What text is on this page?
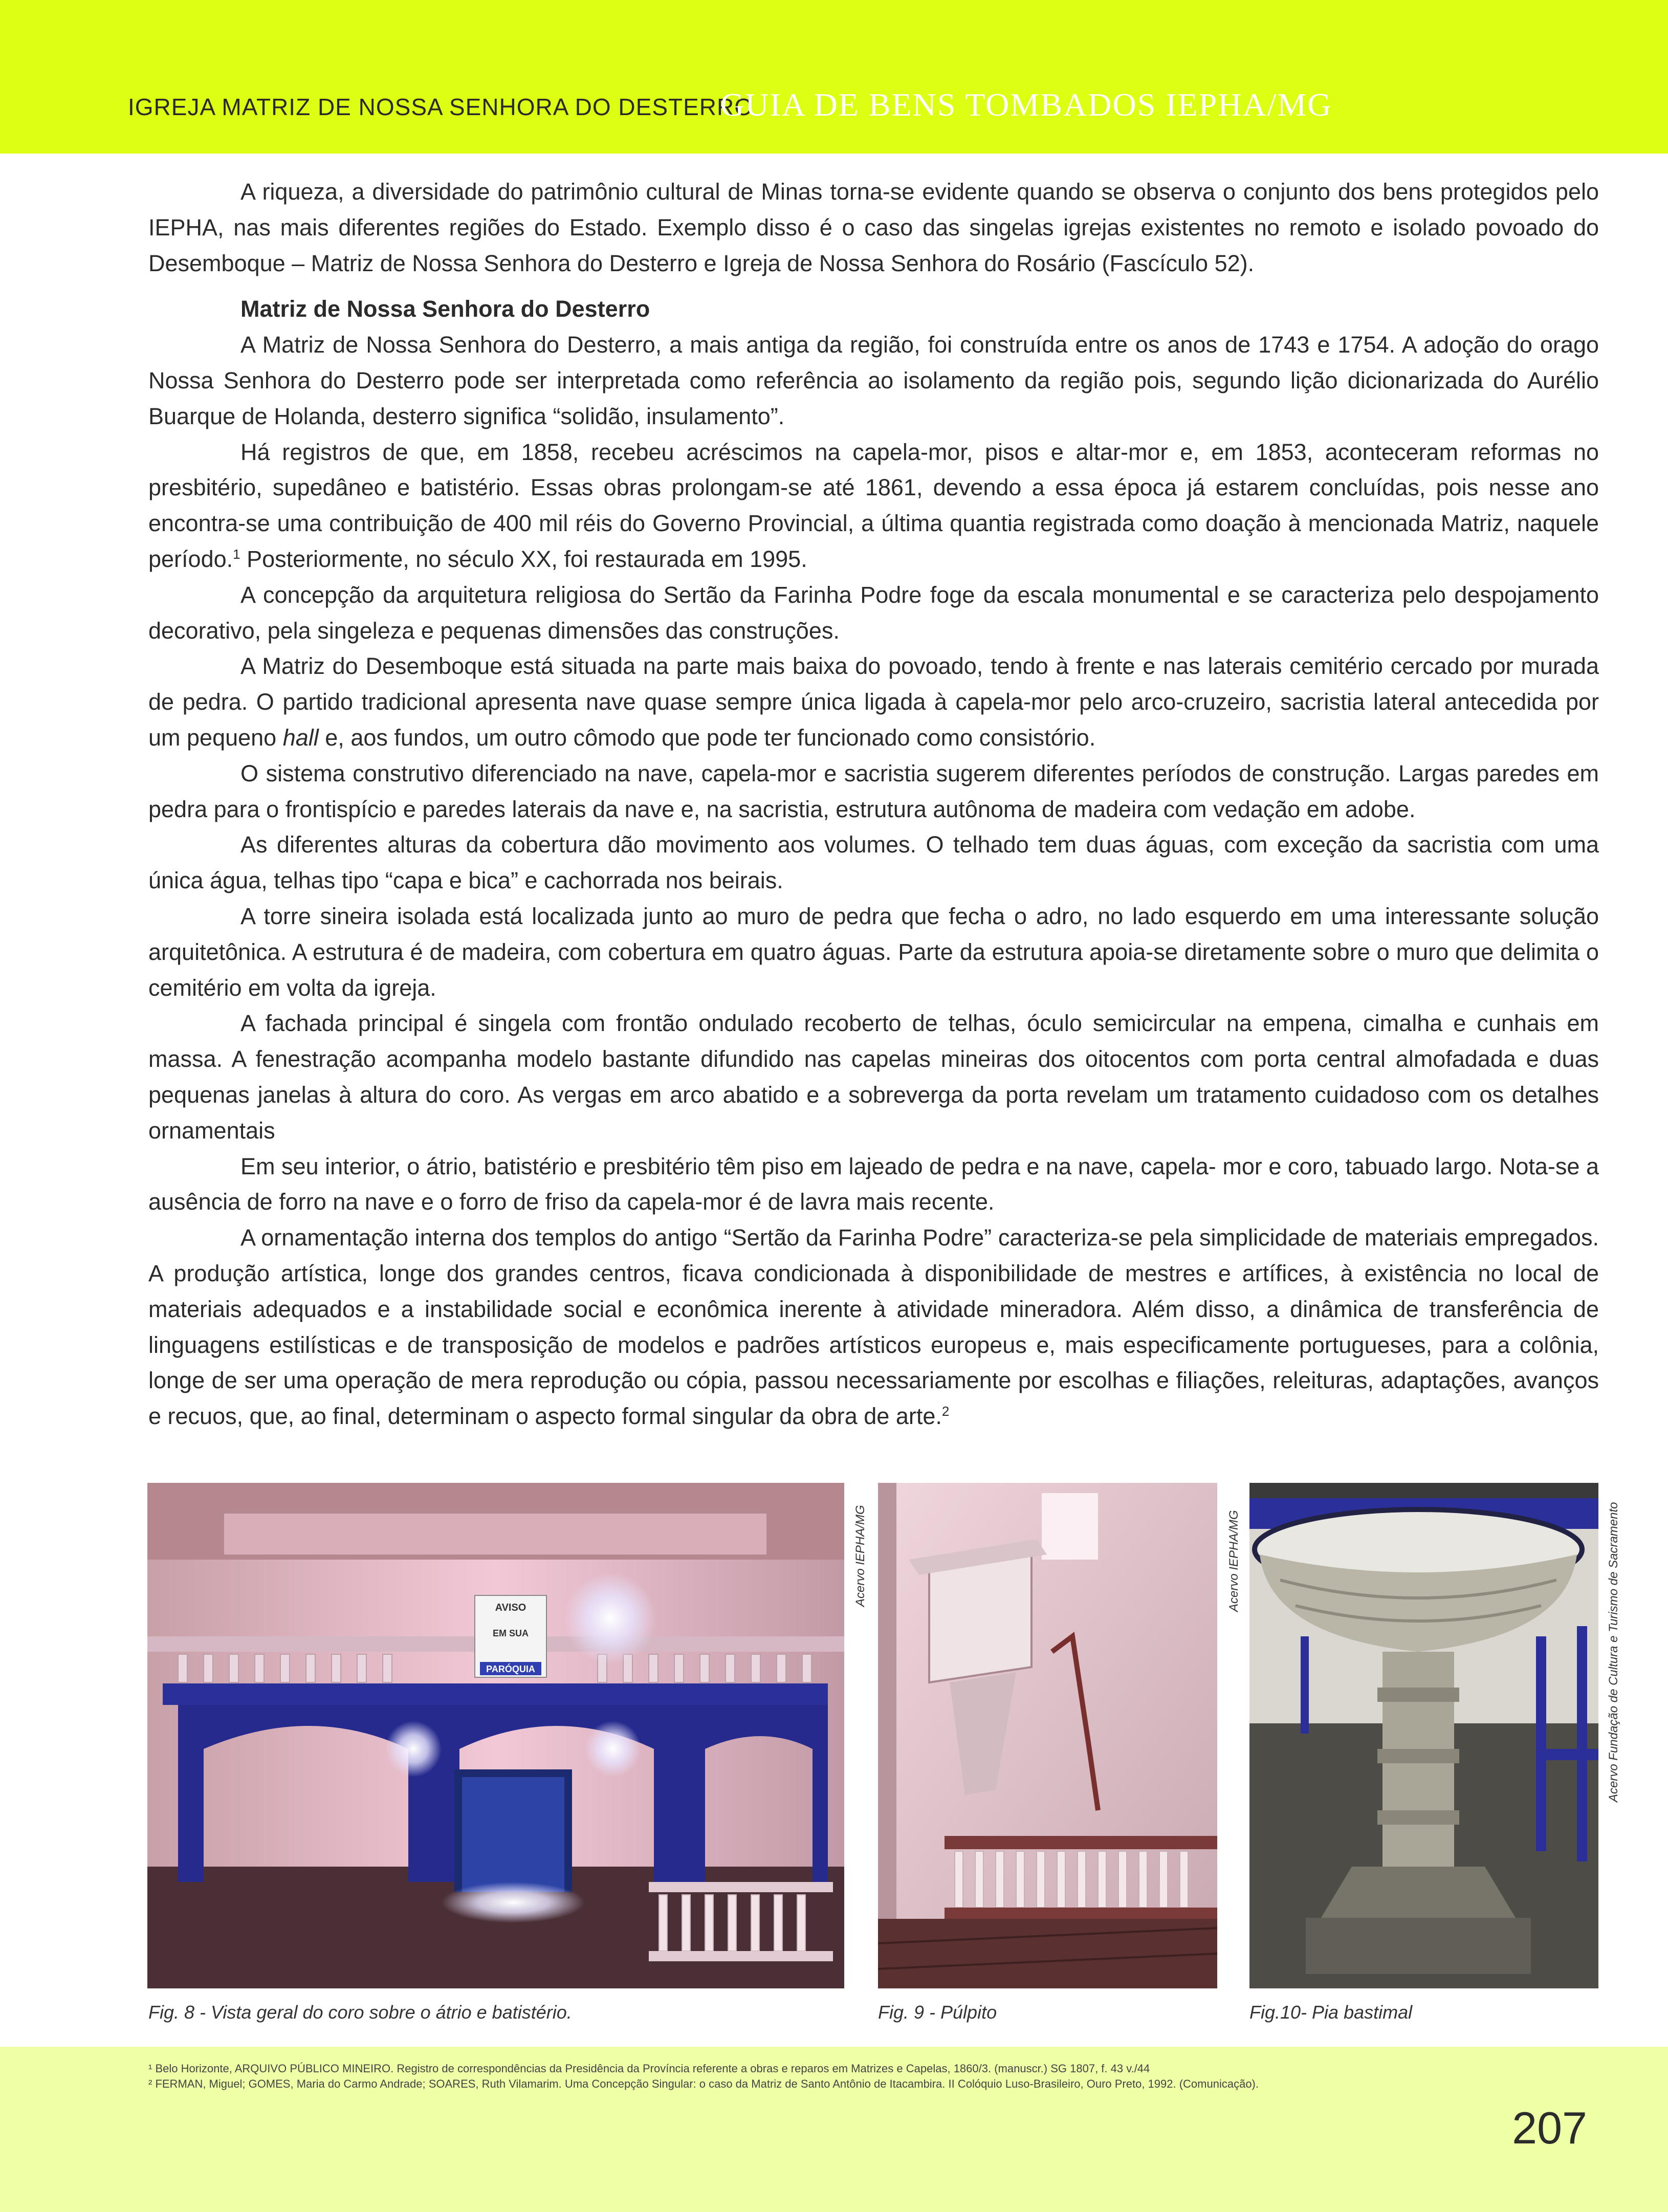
IGREJA MATRIZ DE NOSSA SENHORA DO DESTERRO
GUIA DE BENS TOMBADOS IEPHA/MG

A riqueza, a diversidade do patrimônio cultural de Minas torna-se evidente quando se observa o conjunto dos bens protegidos pelo IEPHA, nas mais diferentes regiões do Estado. Exemplo disso é o caso das singelas igrejas existentes no remoto e isolado povoado do Desemboque – Matriz de Nossa Senhora do Desterro e Igreja de Nossa Senhora do Rosário (Fascículo 52).

Matriz de Nossa Senhora do Desterro

A Matriz de Nossa Senhora do Desterro, a mais antiga da região, foi construída entre os anos de 1743 e 1754. A adoção do orago Nossa Senhora do Desterro pode ser interpretada como referência ao isolamento da região pois, segundo lição dicionarizada do Aurélio Buarque de Holanda, desterro significa “solidão, insulamento”.

Há registros de que, em 1858, recebeu acréscimos na capela-mor, pisos e altar-mor e, em 1853, aconteceram reformas no presbitério, supedâneo e batistério. Essas obras prolongam-se até 1861, devendo a essa época já estarem concluídas, pois nesse ano encontra-se uma contribuição de 400 mil réis do Governo Provincial, a última quantia registrada como doação à mencionada Matriz, naquele período.$^1$ Posteriormente, no século XX, foi restaurada em 1995.

A concepção da arquitetura religiosa do Sertão da Farinha Podre foge da escala monumental e se caracteriza pelo despojamento decorativo, pela singeleza e pequenas dimensões das construções.

A Matriz do Desemboque está situada na parte mais baixa do povoado, tendo à frente e nas laterais cemitério cercado por murada de pedra. O partido tradicional apresenta nave quase sempre única ligada à capela-mor pelo arco-cruzeiro, sacristia lateral antecedida por um pequeno hall e, aos fundos, um outro cômodo que pode ter funcionado como consistório.

O sistema construtivo diferenciado na nave, capela-mor e sacristia sugerem diferentes períodos de construção. Largas paredes em pedra para o frontispício e paredes laterais da nave e, na sacristia, estrutura autônoma de madeira com vedação em adobe.

As diferentes alturas da cobertura dão movimento aos volumes. O telhado tem duas águas, com exceção da sacristia com uma única água, telhas tipo “capa e bica” e cachorrada nos beirais.

A torre sineira isolada está localizada junto ao muro de pedra que fecha o adro, no lado esquerdo em uma interessante solução arquitetônica. A estrutura é de madeira, com cobertura em quatro águas. Parte da estrutura apoia-se diretamente sobre o muro que delimita o cemitério em volta da igreja.

A fachada principal é singela com frontão ondulado recoberto de telhas, óculo semicircular na empena, cimalha e cunhais em massa. A fenestração acompanha modelo bastante difundido nas capelas mineiras dos oitocentos com porta central almofadada e duas pequenas janelas à altura do coro. As vergas em arco abatido e a sobreverga da porta revelam um tratamento cuidadoso com os detalhes ornamentais

Em seu interior, o átrio, batistério e presbitério têm piso em lajeado de pedra e na nave, capela- mor e coro, tabuado largo. Nota-se a ausência de forro na nave e o forro de friso da capela-mor é de lavra mais recente.

A ornamentação interna dos templos do antigo “Sertão da Farinha Podre” caracteriza-se pela simplicidade de materiais empregados. A produção artística, longe dos grandes centros, ficava condicionada à disponibilidade de mestres e artífices, à existência no local de materiais adequados e a instabilidade social e econômica inerente à atividade mineradora. Além disso, a dinâmica de transferência de linguagens estilísticas e de transposição de modelos e padrões artísticos europeus e, mais especificamente portugueses, para a colônia, longe de ser uma operação de mera reprodução ou cópia, passou necessariamente por escolhas e filiações, releituras, adaptações, avanços e recuos, que, ao final, determinam o aspecto formal singular da obra de arte.$^2$

AVISO
EM SUA
PARÓQUIA
Acervo IEPHA/MG
Fig. 8 - Vista geral do coro sobre o átrio e batistério.
Acervo IEPHA/MG
Fig. 9 - Púlpito
Acervo Fundação de Cultura e Turismo de Sacramento
Fig.10- Pia bastimal
¹ Belo Horizonte, ARQUIVO PÚBLICO MINEIRO. Registro de correspondências da Presidência da Província referente a obras e reparos em Matrizes e Capelas, 1860/3. (manuscr.) SG 1807, f. 43 v./44
² FERMAN, Miguel; GOMES, Maria do Carmo Andrade; SOARES, Ruth Vilamarim. Uma Concepção Singular: o caso da Matriz de Santo Antônio de Itacambira. II Colóquio Luso-Brasileiro, Ouro Preto, 1992. (Comunicação).
207
